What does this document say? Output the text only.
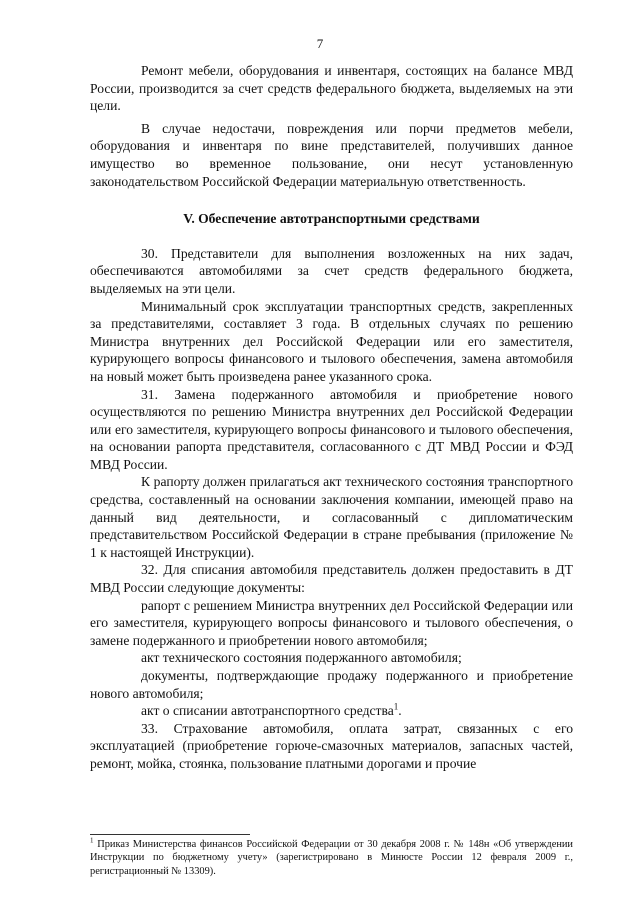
7

Ремонт мебели, оборудования и инвентаря, состоящих на балансе МВД России, производится за счет средств федерального бюджета, выделяемых на эти цели.

В случае недостачи, повреждения или порчи предметов мебели, оборудования и инвентаря по вине представителей, получивших данное имущество во временное пользование, они несут установленную законодательством Российской Федерации материальную ответственность.

V. Обеспечение автотранспортными средствами

30. Представители для выполнения возложенных на них задач, обеспечиваются автомобилями за счет средств федерального бюджета, выделяемых на эти цели.

Минимальный срок эксплуатации транспортных средств, закрепленных за представителями, составляет 3 года. В отдельных случаях по решению Министра внутренних дел Российской Федерации или его заместителя, курирующего вопросы финансового и тылового обеспечения, замена автомобиля на новый может быть произведена ранее указанного срока.

31. Замена подержанного автомобиля и приобретение нового осуществляются по решению Министра внутренних дел Российской Федерации или его заместителя, курирующего вопросы финансового и тылового обеспечения, на основании рапорта представителя, согласованного с ДТ МВД России и ФЭД МВД России.

К рапорту должен прилагаться акт технического состояния транспортного средства, составленный на основании заключения компании, имеющей право на данный вид деятельности, и согласованный с дипломатическим представительством Российской Федерации в стране пребывания (приложение № 1 к настоящей Инструкции).

32. Для списания автомобиля представитель должен предоставить в ДТ МВД России следующие документы:

рапорт с решением Министра внутренних дел Российской Федерации или его заместителя, курирующего вопросы финансового и тылового обеспечения, о замене подержанного и приобретении нового автомобиля;

акт технического состояния подержанного автомобиля;

документы, подтверждающие продажу подержанного и приобретение нового автомобиля;

акт о списании автотранспортного средства$^1$.

33. Страхование автомобиля, оплата затрат, связанных с его эксплуатацией (приобретение горюче-смазочных материалов, запасных частей, ремонт, мойка, стоянка, пользование платными дорогами и прочие

$^1$ Приказ Министерства финансов Российской Федерации от 30 декабря 2008 г. № 148н «Об утверждении Инструкции по бюджетному учету» (зарегистрировано в Минюсте России 12 февраля 2009 г., регистрационный № 13309).
